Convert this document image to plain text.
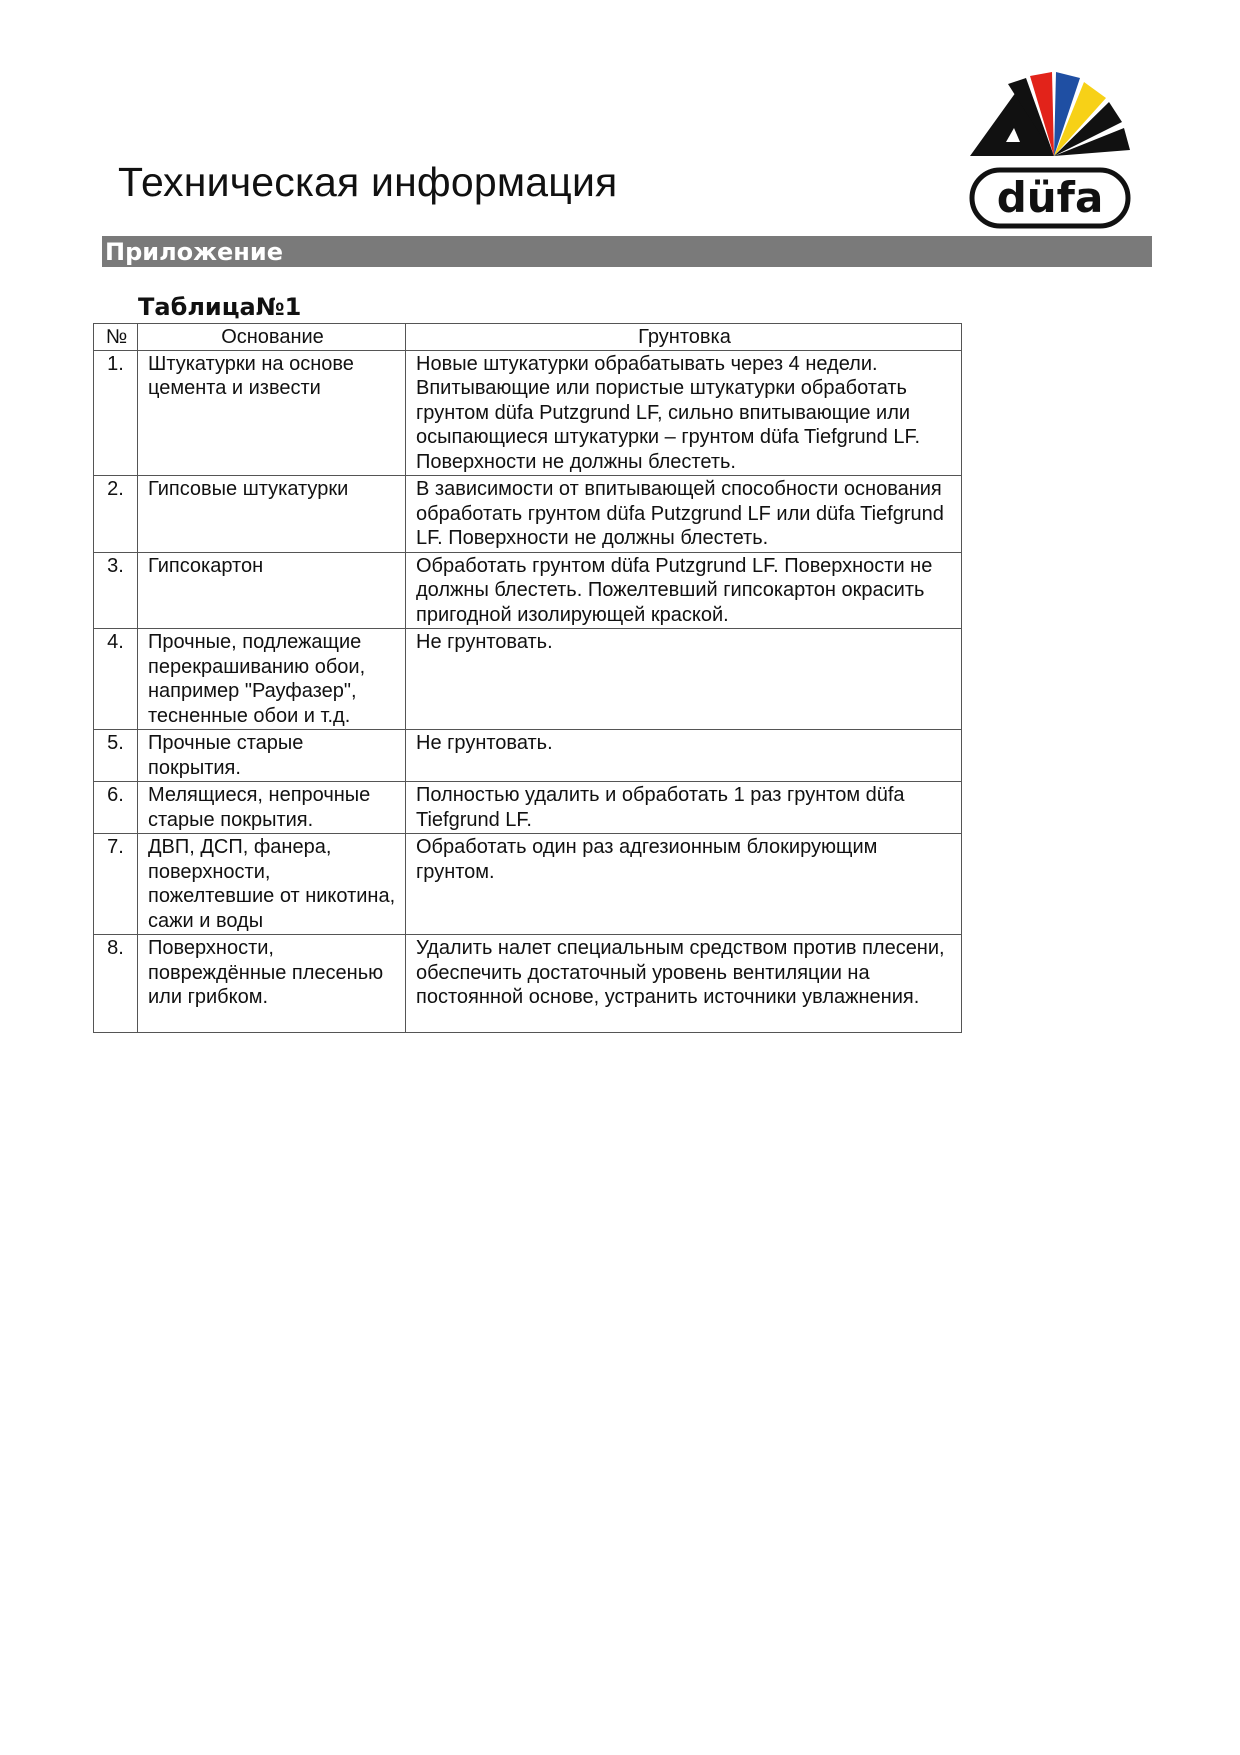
Техническая информация	düfa
Приложение
Таблица№1
№	Основание	Грунтовка
1.	Штукатурки на основе цемента и извести	Новые штукатурки обрабатывать через 4 недели. Впитывающие или пористые штукатурки обработать грунтом düfa Putzgrund LF, сильно впитывающие или осыпающиеся штукатурки – грунтом düfa Tiefgrund LF. Поверхности не должны блестеть.
2.	Гипсовые штукатурки	В зависимости от впитывающей способности основания обработать грунтом düfa Putzgrund LF или düfa Tiefgrund LF. Поверхности не должны блестеть.
3.	Гипсокартон	Обработать грунтом düfa Putzgrund LF. Поверхности не должны блестеть. Пожелтевший гипсокартон окрасить пригодной изолирующей краской.
4.	Прочные, подлежащие перекрашиванию обои, например "Рауфазер", тесненные обои и т.д.	Не грунтовать.
5.	Прочные старые покрытия.	Не грунтовать.
6.	Мелящиеся, непрочные старые покрытия.	Полностью удалить и обработать 1 раз грунтом düfa Tiefgrund LF.
7.	ДВП, ДСП, фанера, поверхности, пожелтевшие от никотина, сажи и воды	Обработать один раз адгезионным блокирующим грунтом.
8.	Поверхности, повреждённые плесенью или грибком.	Удалить налет специальным средством против плесени, обеспечить достаточный уровень вентиляции на постоянной основе, устранить источники увлажнения.
